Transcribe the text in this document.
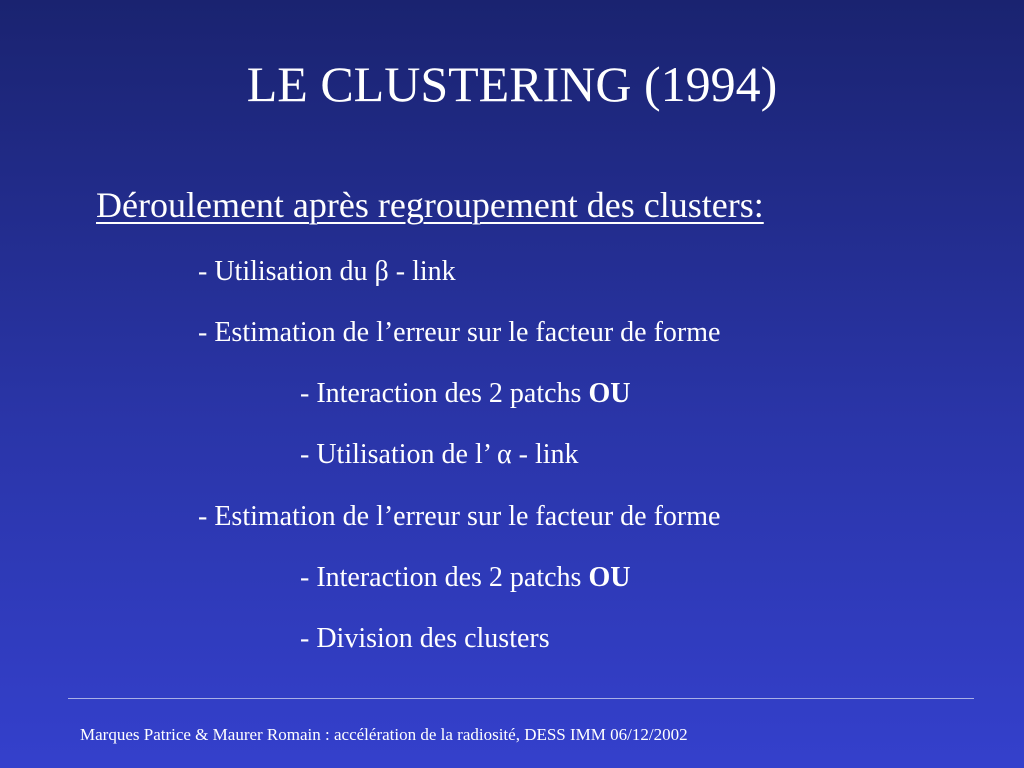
LE CLUSTERING (1994)
Déroulement après regroupement des clusters:
- Utilisation du β - link
- Estimation de l’erreur sur le facteur de forme
- Interaction des 2 patchs OU
- Utilisation de l’ α - link
- Estimation de l’erreur sur le facteur de forme
- Interaction des 2 patchs OU
- Division des clusters
Marques Patrice & Maurer Romain : accélération de la radiosité, DESS IMM 06/12/2002
